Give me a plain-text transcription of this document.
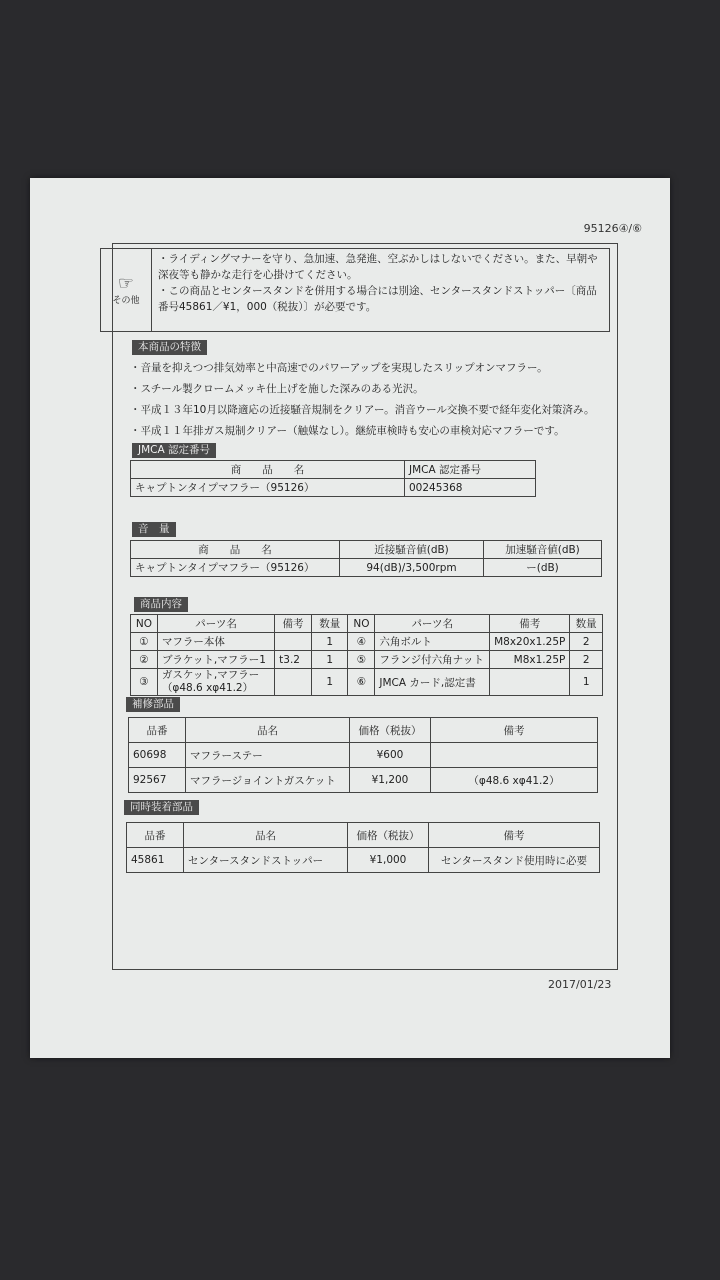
95126④/⑥
☞
その他
・ライディングマナーを守り、急加速、急発進、空ぶかしはしないでください。また、早朝や深夜等も静かな走行を心掛けてください。
・この商品とセンタースタンドを併用する場合には別途、センタースタンドストッパー〔商品番号45861／¥1，000（税抜）〕が必要です。
本商品の特徴
・音量を抑えつつ排気効率と中高速でのパワーアップを実現したスリップオンマフラー。
・スチール製クロームメッキ仕上げを施した深みのある光沢。
・平成１３年10月以降適応の近接騒音規制をクリアー。消音ウール交換不要で経年変化対策済み。
・平成１１年排ガス規制クリアー（触媒なし）。継続車検時も安心の車検対応マフラーです。
JMCA 認定番号
商　　品　　名	JMCA 認定番号
キャプトンタイプマフラー（95126）	00245368
音　量
商　　品　　名	近接騒音値(dB)	加速騒音値(dB)
キャプトンタイプマフラー（95126）	94(dB)/3,500rpm	ー(dB)
商品内容
NO	パーツ名	備考	数量	NO	パーツ名	備考	数量
①	マフラー本体		1	④	六角ボルト	M8x20x1.25P	2
②	ブラケット,マフラー1	t3.2	1	⑤	フランジ付六角ナット	M8x1.25P	2
③	ガスケット,マフラー
（φ48.6 xφ41.2）		1	⑥	JMCA カード,認定書		1
補修部品
品番	品名	価格（税抜）	備考
60698	マフラーステー	¥600	
92567	マフラージョイントガスケット	¥1,200	（φ48.6 xφ41.2）
同時装着部品
品番	品名	価格（税抜）	備考
45861	センタースタンドストッパー	¥1,000	センタースタンド使用時に必要
2017/01/23
